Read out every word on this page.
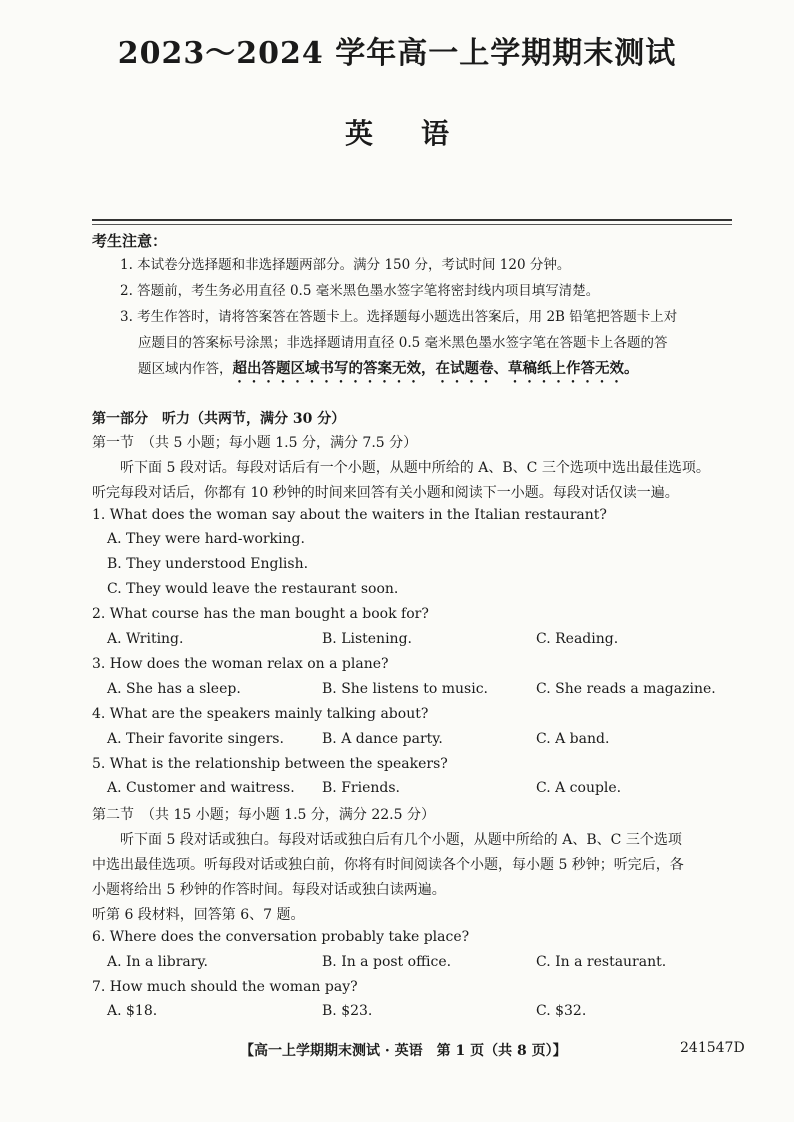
2023～2024 学年高一上学期期末测试
英语
考生注意：
1. 本试卷分选择题和非选择题两部分。满分 150 分，考试时间 120 分钟。
2. 答题前，考生务必用直径 0.5 毫米黑色墨水签字笔将密封线内项目填写清楚。
3. 考生作答时，请将答案答在答题卡上。选择题每小题选出答案后，用 2B 铅笔把答题卡上对
应题目的答案标号涂黑；非选择题请用直径 0.5 毫米黑色墨水签字笔在答题卡上各题的答
题区域内作答，超出答题区域书写的答案无效，在试题卷、草稿纸上作答无效。
第一部分　听力（共两节，满分 30 分）
第一节　（共 5 小题；每小题 1.5 分，满分 7.5 分）
听下面 5 段对话。每段对话后有一个小题，从题中所给的 A、B、C 三个选项中选出最佳选项。
听完每段对话后，你都有 10 秒钟的时间来回答有关小题和阅读下一小题。每段对话仅读一遍。
1. What does the woman say about the waiters in the Italian restaurant?
A. They were hard-working.
B. They understood English.
C. They would leave the restaurant soon.
2. What course has the man bought a book for?
A. Writing.	B. Listening.	C. Reading.
3. How does the woman relax on a plane?
A. She has a sleep.	B. She listens to music.	C. She reads a magazine.
4. What are the speakers mainly talking about?
A. Their favorite singers.	B. A dance party.	C. A band.
5. What is the relationship between the speakers?
A. Customer and waitress. B. Friends.	C. A couple.
第二节　（共 15 小题；每小题 1.5 分，满分 22.5 分）
听下面 5 段对话或独白。每段对话或独白后有几个小题，从题中所给的 A、B、C 三个选项
中选出最佳选项。听每段对话或独白前，你将有时间阅读各个小题，每小题 5 秒钟；听完后，各
小题将给出 5 秒钟的作答时间。每段对话或独白读两遍。
听第 6 段材料，回答第 6、7 题。
6. Where does the conversation probably take place?
A. In a library.	B. In a post office.	C. In a restaurant.
7. How much should the woman pay?
A. $18.	B. $23.	C. $32.
【高一上学期期末测试 · 英语　第 1 页（共 8 页）】	241547D
